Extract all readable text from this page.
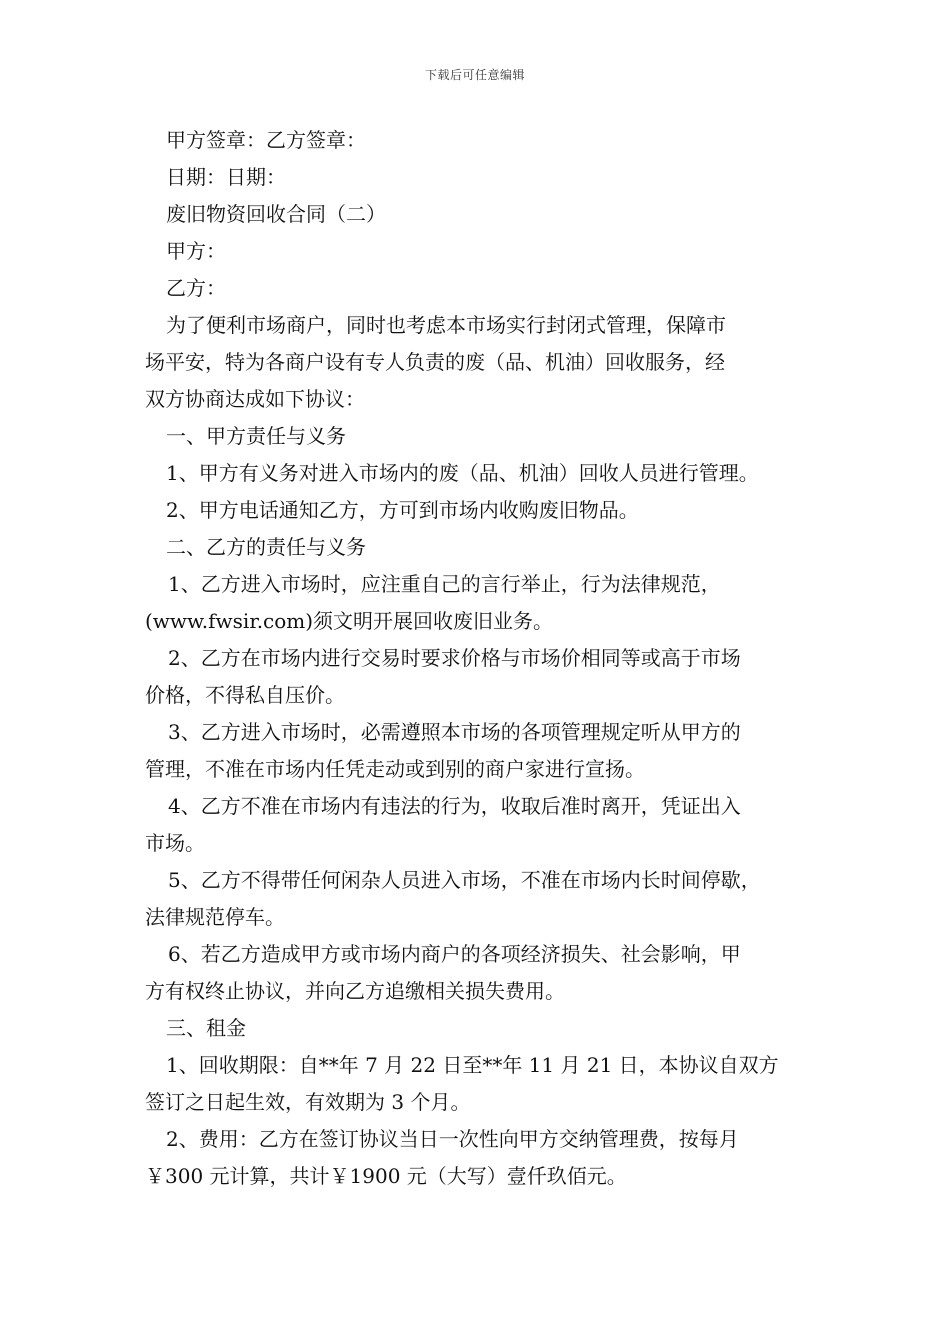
下载后可任意编辑
甲方签章：乙方签章：
日期：日期：
废旧物资回收合同（二）
甲方：
乙方：
为了便利市场商户，同时也考虑本市场实行封闭式管理，保障市
场平安，特为各商户设有专人负责的废（品、机油）回收服务，经
双方协商达成如下协议：
一、甲方责任与义务
1、甲方有义务对进入市场内的废（品、机油）回收人员进行管理。
2、甲方电话通知乙方，方可到市场内收购废旧物品。
二、乙方的责任与义务
1、乙方进入市场时，应注重自己的言行举止，行为法律规范，
(www.fwsir.com)须文明开展回收废旧业务。
2、乙方在市场内进行交易时要求价格与市场价相同等或高于市场
价格，不得私自压价。
3、乙方进入市场时，必需遵照本市场的各项管理规定听从甲方的
管理，不准在市场内任凭走动或到别的商户家进行宣扬。
4、乙方不准在市场内有违法的行为，收取后准时离开，凭证出入
市场。
5、乙方不得带任何闲杂人员进入市场，不准在市场内长时间停歇，
法律规范停车。
6、若乙方造成甲方或市场内商户的各项经济损失、社会影响，甲
方有权终止协议，并向乙方追缴相关损失费用。
三、租金
1、回收期限：自**年 7 月 22 日至**年 11 月 21 日，本协议自双方
签订之日起生效，有效期为 3 个月。
2、费用：乙方在签订协议当日一次性向甲方交纳管理费，按每月
￥300 元计算，共计￥1900 元（大写）壹仟玖佰元。
